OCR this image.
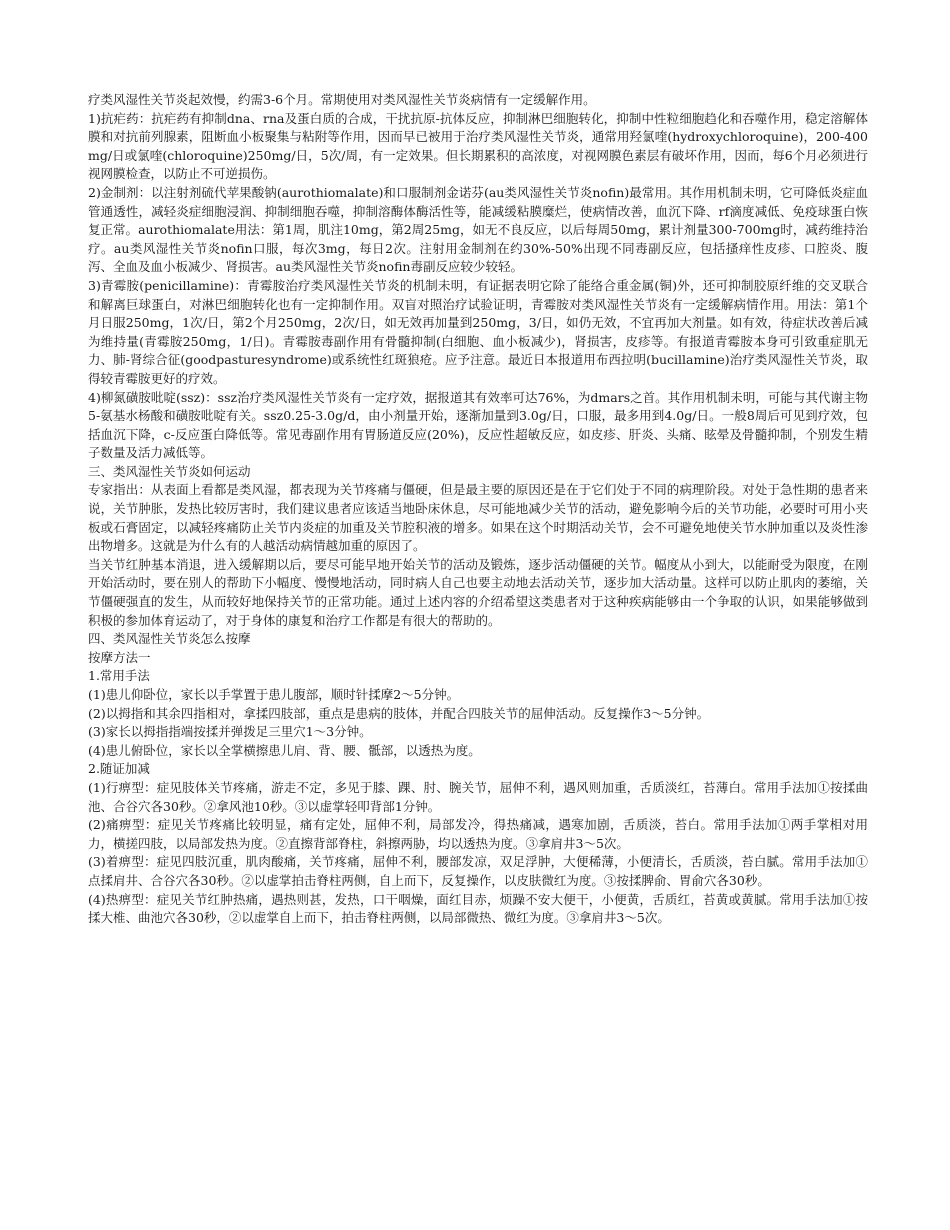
疗类风湿性关节炎起效慢，约需3-6个月。常期使用对类风湿性关节炎病情有一定缓解作用。

1)抗疟药：抗疟药有抑制dna、rna及蛋白质的合成，干扰抗原-抗体反应，抑制淋巴细胞转化，抑制中性粒细胞趋化和吞噬作用，稳定溶解体膜和对抗前列腺素，阻断血小板聚集与粘附等作用，因而早已被用于治疗类风湿性关节炎，通常用羟氯喹(hydroxychloroquine)，200-400mg/日或氯喹(chloroquine)250mg/日，5次/周，有一定效果。但长期累积的高浓度，对视网膜色素层有破坏作用，因而，每6个月必须进行视网膜检查，以防止不可逆损伤。

2)金制剂：以注射剂硫代苹果酸钠(aurothiomalate)和口服制剂金诺芬(au类风湿性关节炎nofin)最常用。其作用机制未明，它可降低炎症血管通透性，减轻炎症细胞浸润、抑制细胞吞噬，抑制溶酶体酶活性等，能减缓粘膜糜烂，使病情改善，血沉下降、rf滴度减低、免疫球蛋白恢复正常。aurothiomalate用法：第1周，肌注10mg，第2周25mg，如无不良反应，以后每周50mg，累计剂量300-700mg时，减药维持治疗。au类风湿性关节炎nofin口服，每次3mg，每日2次。注射用金制剂在约30%-50%出现不同毒副反应，包括搔痒性皮疹、口腔炎、腹泻、全血及血小板减少、肾损害。au类风湿性关节炎nofin毒副反应较少较轻。

3)青霉胺(penicillamine)：青霉胺治疗类风湿性关节炎的机制未明，有证据表明它除了能络合重金属(铜)外，还可抑制胶原纤维的交叉联合和解离巨球蛋白，对淋巴细胞转化也有一定抑制作用。双盲对照治疗试验证明，青霉胺对类风湿性关节炎有一定缓解病情作用。用法：第1个月日服250mg，1次/日，第2个月250mg，2次/日，如无效再加量到250mg，3/日，如仍无效，不宜再加大剂量。如有效，待症状改善后减为维持量(青霉胺250mg，1/日)。青霉胺毒副作用有骨髓抑制(白细胞、血小板减少)，肾损害，皮疹等。有报道青霉胺本身可引致重症肌无力、肺-肾综合征(goodpasturesyndrome)或系统性红斑狼疮。应予注意。最近日本报道用布西拉明(bucillamine)治疗类风湿性关节炎，取得较青霉胺更好的疗效。

4)柳氮磺胺吡啶(ssz)：ssz治疗类风湿性关节炎有一定疗效，据报道其有效率可达76%，为dmars之首。其作用机制未明，可能与其代谢主物5-氨基水杨酸和磺胺吡啶有关。ssz0.25-3.0g/d，由小剂量开始，逐渐加量到3.0g/日，口服，最多用到4.0g/日。一般8周后可见到疗效，包括血沉下降，c-反应蛋白降低等。常见毒副作用有胃肠道反应(20%)，反应性超敏反应，如皮疹、肝炎、头痛、眩晕及骨髓抑制，个别发生精子数量及活力减低等。

三、类风湿性关节炎如何运动

专家指出：从表面上看都是类风湿，都表现为关节疼痛与僵硬，但是最主要的原因还是在于它们处于不同的病理阶段。对处于急性期的患者来说，关节肿胀，发热比较厉害时，我们建议患者应该适当地卧床休息，尽可能地减少关节的活动，避免影响今后的关节功能，必要时可用小夹板或石膏固定，以减轻疼痛防止关节内炎症的加重及关节腔积液的增多。如果在这个时期活动关节，会不可避免地使关节水肿加重以及炎性渗出物增多。这就是为什么有的人越活动病情越加重的原因了。

当关节红肿基本消退，进入缓解期以后，要尽可能早地开始关节的活动及锻炼，逐步活动僵硬的关节。幅度从小到大，以能耐受为限度，在刚开始活动时，要在别人的帮助下小幅度、慢慢地活动，同时病人自己也要主动地去活动关节，逐步加大活动量。这样可以防止肌肉的萎缩，关节僵硬强直的发生，从而较好地保持关节的正常功能。通过上述内容的介绍希望这类患者对于这种疾病能够由一个争取的认识，如果能够做到积极的参加体育运动了，对于身体的康复和治疗工作都是有很大的帮助的。

四、类风湿性关节炎怎么按摩

按摩方法一

1.常用手法

(1)患儿仰卧位，家长以手掌置于患儿腹部，顺时针揉摩2～5分钟。

(2)以拇指和其余四指相对，拿揉四肢部，重点是患病的肢体，并配合四肢关节的屈伸活动。反复操作3～5分钟。

(3)家长以拇指指端按揉并弹拨足三里穴1～3分钟。

(4)患儿俯卧位，家长以全掌横擦患儿肩、背、腰、骶部，以透热为度。

2.随证加减

(1)行痹型：症见肢体关节疼痛，游走不定，多见于膝、踝、肘、腕关节，屈伸不利，遇风则加重，舌质淡红，苔薄白。常用手法加①按揉曲池、合谷穴各30秒。②拿风池10秒。③以虚掌轻叩背部1分钟。

(2)痛痹型：症见关节疼痛比较明显，痛有定处，屈伸不利，局部发冷，得热痛减，遇寒加剧，舌质淡，苔白。常用手法加①两手掌相对用力，横搓四肢，以局部发热为度。②直擦背部脊柱，斜擦两胁，均以透热为度。③拿肩井3～5次。

(3)着痹型：症见四肢沉重，肌肉酸痛，关节疼痛，屈伸不利，腰部发凉，双足浮肿，大便稀薄，小便清长，舌质淡，苔白腻。常用手法加①点揉肩井、合谷穴各30秒。②以虚掌拍击脊柱两侧，自上而下，反复操作，以皮肤微红为度。③按揉脾俞、胃俞穴各30秒。

(4)热痹型：症见关节红肿热痛，遇热则甚，发热，口干咽燥，面红目赤，烦躁不安大便干，小便黄，舌质红，苔黄或黄腻。常用手法加①按揉大椎、曲池穴各30秒，②以虚掌自上而下，拍击脊柱两侧，以局部微热、微红为度。③拿肩井3～5次。
